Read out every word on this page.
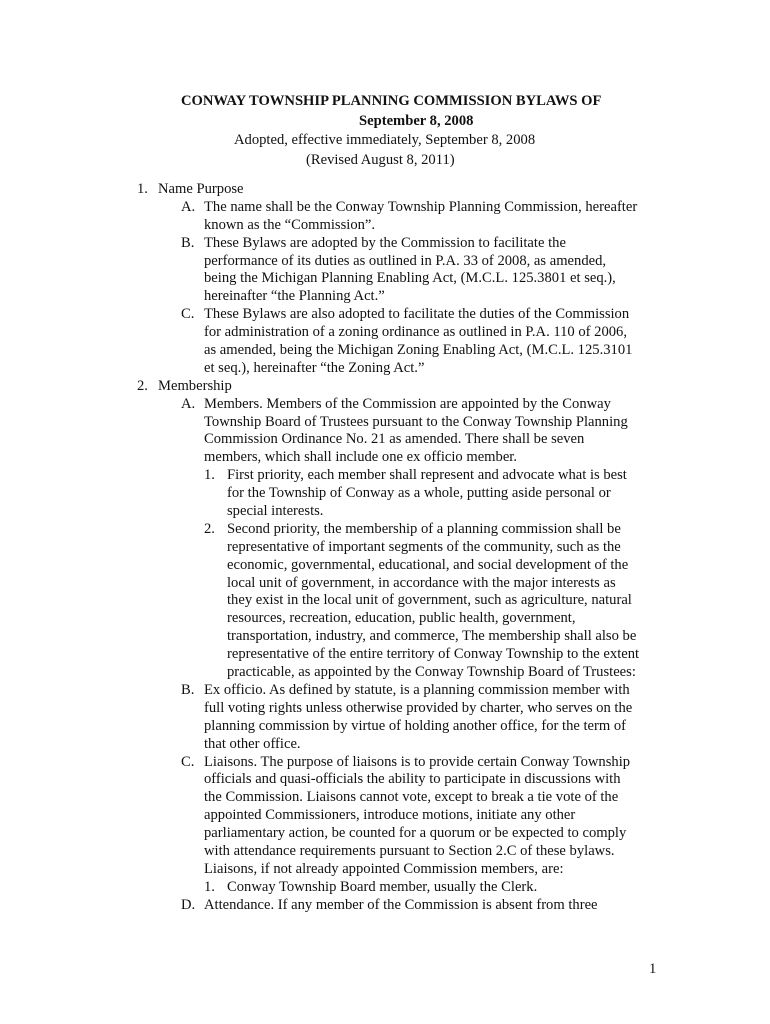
CONWAY TOWNSHIP PLANNING COMMISSION BYLAWS OF
September 8, 2008
Adopted, effective immediately, September 8, 2008
(Revised August 8, 2011)
1. Name Purpose
A. The name shall be the Conway Township Planning Commission, hereafter
known as the “Commission”.
B. These Bylaws are adopted by the Commission to facilitate the
performance of its duties as outlined in P.A. 33 of 2008, as amended,
being the Michigan Planning Enabling Act, (M.C.L. 125.3801 et seq.),
hereinafter “the Planning Act.”
C. These Bylaws are also adopted to facilitate the duties of the Commission
for administration of a zoning ordinance as outlined in P.A. 110 of 2006,
as amended, being the Michigan Zoning Enabling Act, (M.C.L. 125.3101
et seq.), hereinafter “the Zoning Act.”
2. Membership
A. Members. Members of the Commission are appointed by the Conway
Township Board of Trustees pursuant to the Conway Township Planning
Commission Ordinance No. 21 as amended. There shall be seven
members, which shall include one ex officio member.
1. First priority, each member shall represent and advocate what is best
for the Township of Conway as a whole, putting aside personal or
special interests.
2. Second priority, the membership of a planning commission shall be
representative of important segments of the community, such as the
economic, governmental, educational, and social development of the
local unit of government, in accordance with the major interests as
they exist in the local unit of government, such as agriculture, natural
resources, recreation, education, public health, government,
transportation, industry, and commerce, The membership shall also be
representative of the entire territory of Conway Township to the extent
practicable, as appointed by the Conway Township Board of Trustees:
B. Ex officio. As defined by statute, is a planning commission member with
full voting rights unless otherwise provided by charter, who serves on the
planning commission by virtue of holding another office, for the term of
that other office.
C. Liaisons. The purpose of liaisons is to provide certain Conway Township
officials and quasi-officials the ability to participate in discussions with
the Commission. Liaisons cannot vote, except to break a tie vote of the
appointed Commissioners, introduce motions, initiate any other
parliamentary action, be counted for a quorum or be expected to comply
with attendance requirements pursuant to Section 2.C of these bylaws.
Liaisons, if not already appointed Commission members, are:
1. Conway Township Board member, usually the Clerk.
D. Attendance. If any member of the Commission is absent from three
1
